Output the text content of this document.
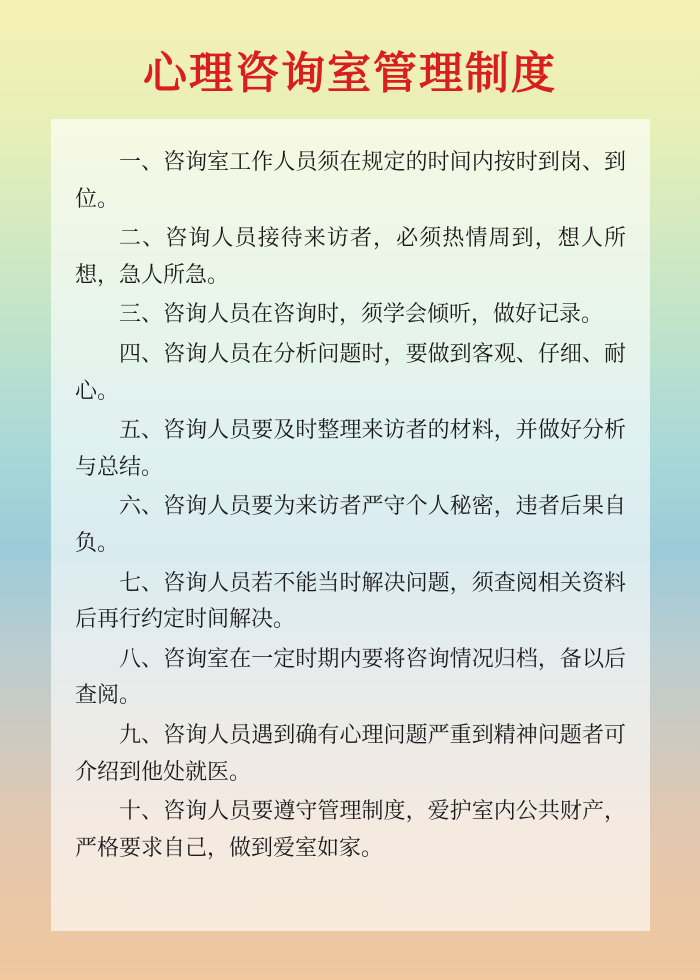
心理咨询室管理制度
一、咨询室工作人员须在规定的时间内按时到岗、到位。
二、咨询人员接待来访者，必须热情周到，想人所想，急人所急。
三、咨询人员在咨询时，须学会倾听，做好记录。
四、咨询人员在分析问题时，要做到客观、仔细、耐心。
五、咨询人员要及时整理来访者的材料，并做好分析与总结。
六、咨询人员要为来访者严守个人秘密，违者后果自负。
七、咨询人员若不能当时解决问题，须查阅相关资料后再行约定时间解决。
八、咨询室在一定时期内要将咨询情况归档，备以后查阅。
九、咨询人员遇到确有心理问题严重到精神问题者可介绍到他处就医。
十、咨询人员要遵守管理制度，爱护室内公共财产，严格要求自己，做到爱室如家。
